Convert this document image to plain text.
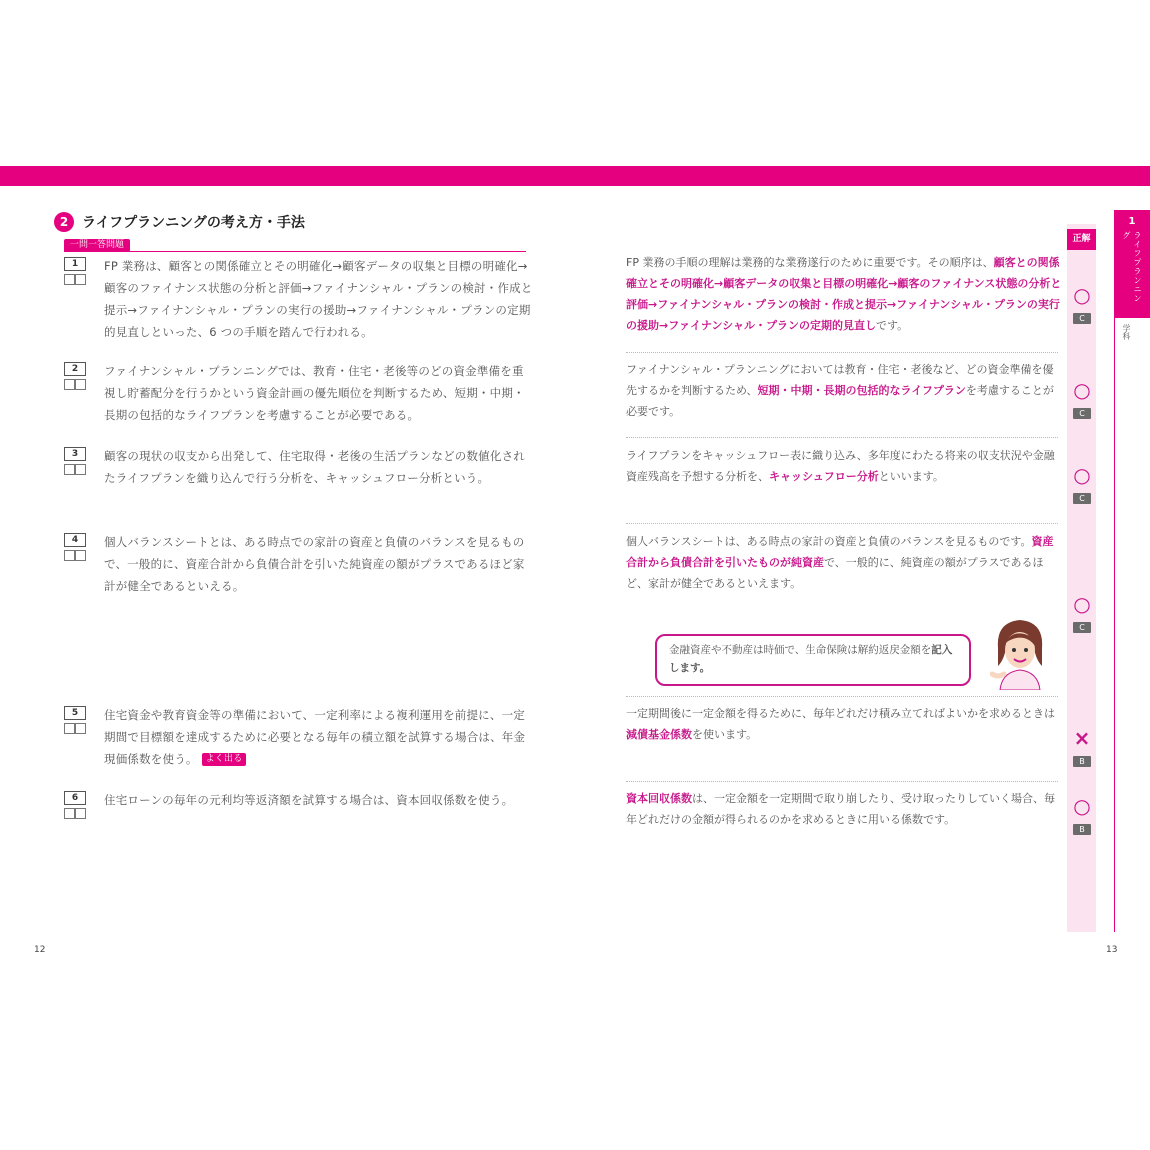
2 ライフプランニングの考え方・手法
一問一答問題
1	FP 業務は、顧客との関係確立とその明確化→顧客データの収集と目標の明確化→顧客のファイナンス状態の分析と評価→ファイナンシャル・プランの検討・作成と提示→ファイナンシャル・プランの実行の援助→ファイナンシャル・プランの定期的見直しといった、6 つの手順を踏んで行われる。
2	ファイナンシャル・プランニングでは、教育・住宅・老後等のどの資金準備を重視し貯蓄配分を行うかという資金計画の優先順位を判断するため、短期・中期・長期の包括的なライフプランを考慮することが必要である。
3	顧客の現状の収支から出発して、住宅取得・老後の生活プランなどの数値化されたライフプランを織り込んで行う分析を、キャッシュフロー分析という。
4	個人バランスシートとは、ある時点での家計の資産と負債のバランスを見るもので、一般的に、資産合計から負債合計を引いた純資産の額がプラスであるほど家計が健全であるといえる。
5	住宅資金や教育資金等の準備において、一定利率による複利運用を前提に、一定期間で目標額を達成するために必要となる毎年の積立額を試算する場合は、年金現価係数を使う。 よく出る
6	住宅ローンの毎年の元利均等返済額を試算する場合は、資本回収係数を使う。
FP 業務の手順の理解は業務的な業務遂行のために重要です。その順序は、顧客との関係確立とその明確化→顧客データの収集と目標の明確化→顧客のファイナンス状態の分析と評価→ファイナンシャル・プランの検討・作成と提示→ファイナンシャル・プランの実行の援助→ファイナンシャル・プランの定期的見直しです。
ファイナンシャル・プランニングにおいては教育・住宅・老後など、どの資金準備を優先するかを判断するため、短期・中期・長期の包括的なライフプランを考慮することが必要です。
ライフプランをキャッシュフロー表に織り込み、多年度にわたる将来の収支状況や金融資産残高を予想する分析を、キャッシュフロー分析といいます。
個人バランスシートは、ある時点の家計の資産と負債のバランスを見るものです。資産合計から負債合計を引いたものが純資産で、一般的に、純資産の額がプラスであるほど、家計が健全であるといえます。
一定期間後に一定金額を得るために、毎年どれだけ積み立てればよいかを求めるときは減債基金係数を使います。
資本回収係数は、一定金額を一定期間で取り崩したり、受け取ったりしていく場合、毎年どれだけの金額が得られるのかを求めるときに用いる係数です。
金融資産や不動産は時価で、生命保険は解約返戻金額を記入します。
正解
○
C
○
C
○
C
○
C
×
B
○
B
1
ライフプランニング
学科
12	13
